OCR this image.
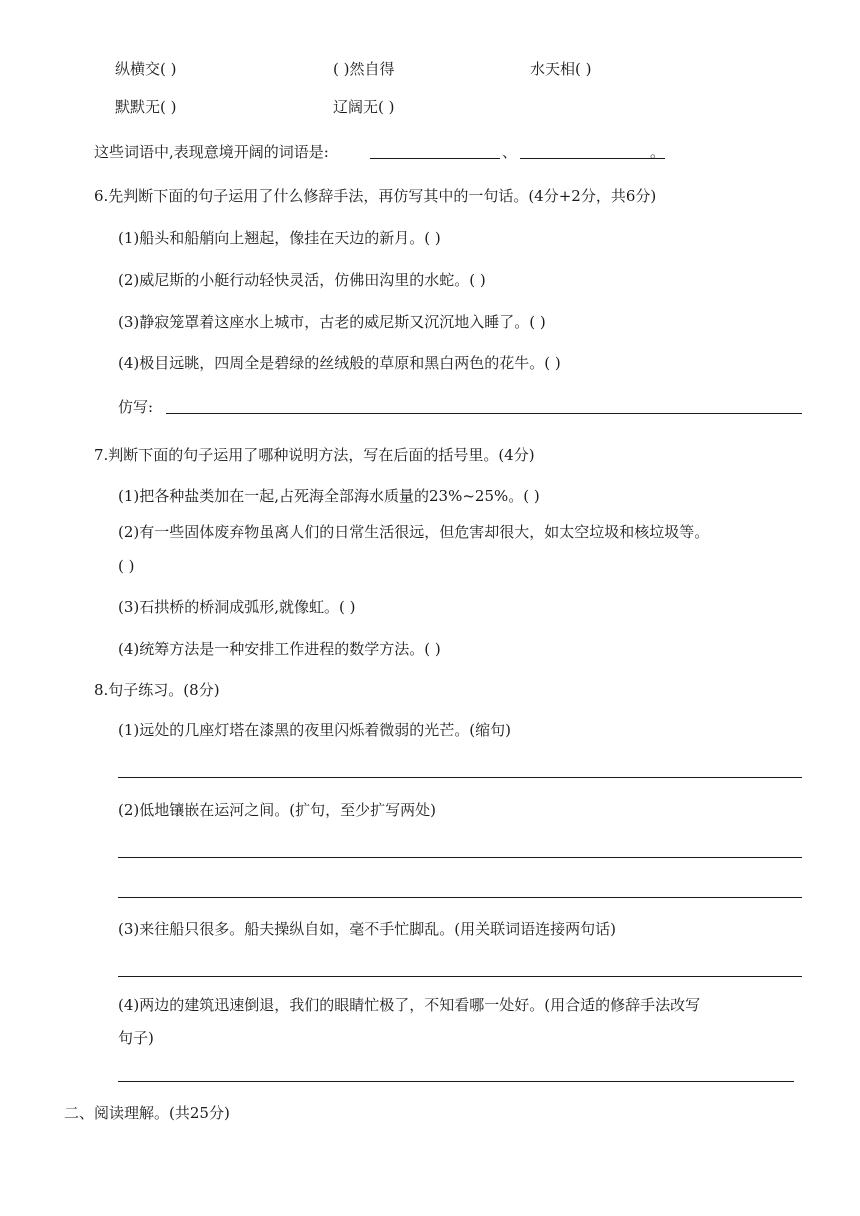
纵横交( )	( )然自得	水天相( )
默默无( )	辽阔无( )
这些词语中,表现意境开阔的词语是:	、	。
6.先判断下面的句子运用了什么修辞手法，再仿写其中的一句话。(4分+2分，共6分)
(1)船头和船艄向上翘起，像挂在天边的新月。( )
(2)威尼斯的小艇行动轻快灵活，仿佛田沟里的水蛇。( )
(3)静寂笼罩着这座水上城市，古老的威尼斯又沉沉地入睡了。( )
(4)极目远眺，四周全是碧绿的丝绒般的草原和黑白两色的花牛。( )
仿写:
7.判断下面的句子运用了哪种说明方法，写在后面的括号里。(4分)
(1)把各种盐类加在一起,占死海全部海水质量的23%~25%。( )
(2)有一些固体废弃物虽离人们的日常生活很远，但危害却很大，如太空垃圾和核垃圾等。
( )
(3)石拱桥的桥洞成弧形,就像虹。( )
(4)统筹方法是一种安排工作进程的数学方法。( )
8.句子练习。(8分)
(1)远处的几座灯塔在漆黑的夜里闪烁着微弱的光芒。(缩句)
(2)低地镶嵌在运河之间。(扩句，至少扩写两处)
(3)来往船只很多。船夫操纵自如，毫不手忙脚乱。(用关联词语连接两句话)
(4)两边的建筑迅速倒退，我们的眼睛忙极了，不知看哪一处好。(用合适的修辞手法改写
句子)
二、阅读理解。(共25分)
